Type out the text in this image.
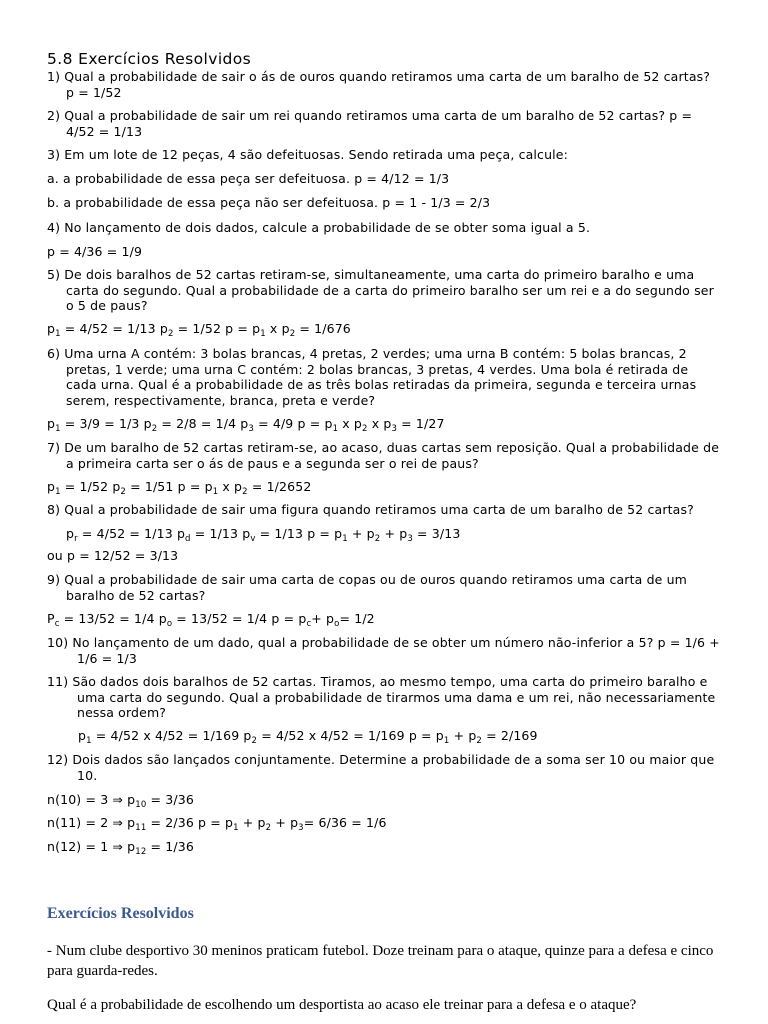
5.8 Exercícios Resolvidos

1) Qual a probabilidade de sair o ás de ouros quando retiramos uma carta de um baralho de 52 cartas? p = 1/52

2) Qual a probabilidade de sair um rei quando retiramos uma carta de um baralho de 52 cartas? p = 4/52 = 1/13

3) Em um lote de 12 peças, 4 são defeituosas. Sendo retirada uma peça, calcule:

a. a probabilidade de essa peça ser defeituosa. p = 4/12 = 1/3

b. a probabilidade de essa peça não ser defeituosa. p = 1 - 1/3 = 2/3

4) No lançamento de dois dados, calcule a probabilidade de se obter soma igual a 5.

p = 4/36 = 1/9

5) De dois baralhos de 52 cartas retiram-se, simultaneamente, uma carta do primeiro baralho e uma carta do segundo. Qual a probabilidade de a carta do primeiro baralho ser um rei e a do segundo ser o 5 de paus?

$p_1 = 4/52 = 1/13$ $p_2 = 1/52$ $p = p_1$ x $p_2 = 1/676$

6) Uma urna A contém: 3 bolas brancas, 4 pretas, 2 verdes; uma urna B contém: 5 bolas brancas, 2 pretas, 1 verde; uma urna C contém: 2 bolas brancas, 3 pretas, 4 verdes. Uma bola é retirada de cada urna. Qual é a probabilidade de as três bolas retiradas da primeira, segunda e terceira urnas serem, respectivamente, branca, preta e verde?

$p_1 = 3/9 = 1/3$ $p_2 = 2/8 = 1/4$ $p_3 = 4/9$ $p = p_1$ x $p_2$ x $p_3 = 1/27$

7) De um baralho de 52 cartas retiram-se, ao acaso, duas cartas sem reposição. Qual a probabilidade de a primeira carta ser o ás de paus e a segunda ser o rei de paus?

$p_1 = 1/52$ $p_2 = 1/51$ $p = p_1$ x $p_2 = 1/2652$

8) Qual a probabilidade de sair uma figura quando retiramos uma carta de um baralho de 52 cartas?

$p_r = 4/52 = 1/13$ $p_d = 1/13$ $p_v = 1/13$ $p = p_1 + p_2 + p_3 = 3/13$

ou p = 12/52 = 3/13

9) Qual a probabilidade de sair uma carta de copas ou de ouros quando retiramos uma carta de um baralho de 52 cartas?

$P_c = 13/52 = 1/4$ $p_o = 13/52 = 1/4$ $p = p_c+ p_o= 1/2$

10) No lançamento de um dado, qual a probabilidade de se obter um número não-inferior a 5? p = 1/6 + 1/6 = 1/3

11) São dados dois baralhos de 52 cartas. Tiramos, ao mesmo tempo, uma carta do primeiro baralho e uma carta do segundo. Qual a probabilidade de tirarmos uma dama e um rei, não necessariamente nessa ordem?

$p_1 = 4/52$ x 4/52 = 1/169 $p_2 = 4/52$ x 4/52 = 1/169 $p = p_1 + p_2 = 2/169$

12) Dois dados são lançados conjuntamente. Determine a probabilidade de a soma ser 10 ou maior que 10.

n(10) = 3 ⇒ $p_{10} = 3/36$

n(11) = 2 ⇒ $p_{11} = 2/36$ $p = p_1 + p_2 + p_3= 6/36 = 1/6$

n(12) = 1 ⇒ $p_{12} = 1/36$

Exercícios Resolvidos

- Num clube desportivo 30 meninos praticam futebol. Doze treinam para o ataque, quinze para a defesa e cinco para guarda-redes.

Qual é a probabilidade de escolhendo um desportista ao acaso ele treinar para a defesa e o ataque?
